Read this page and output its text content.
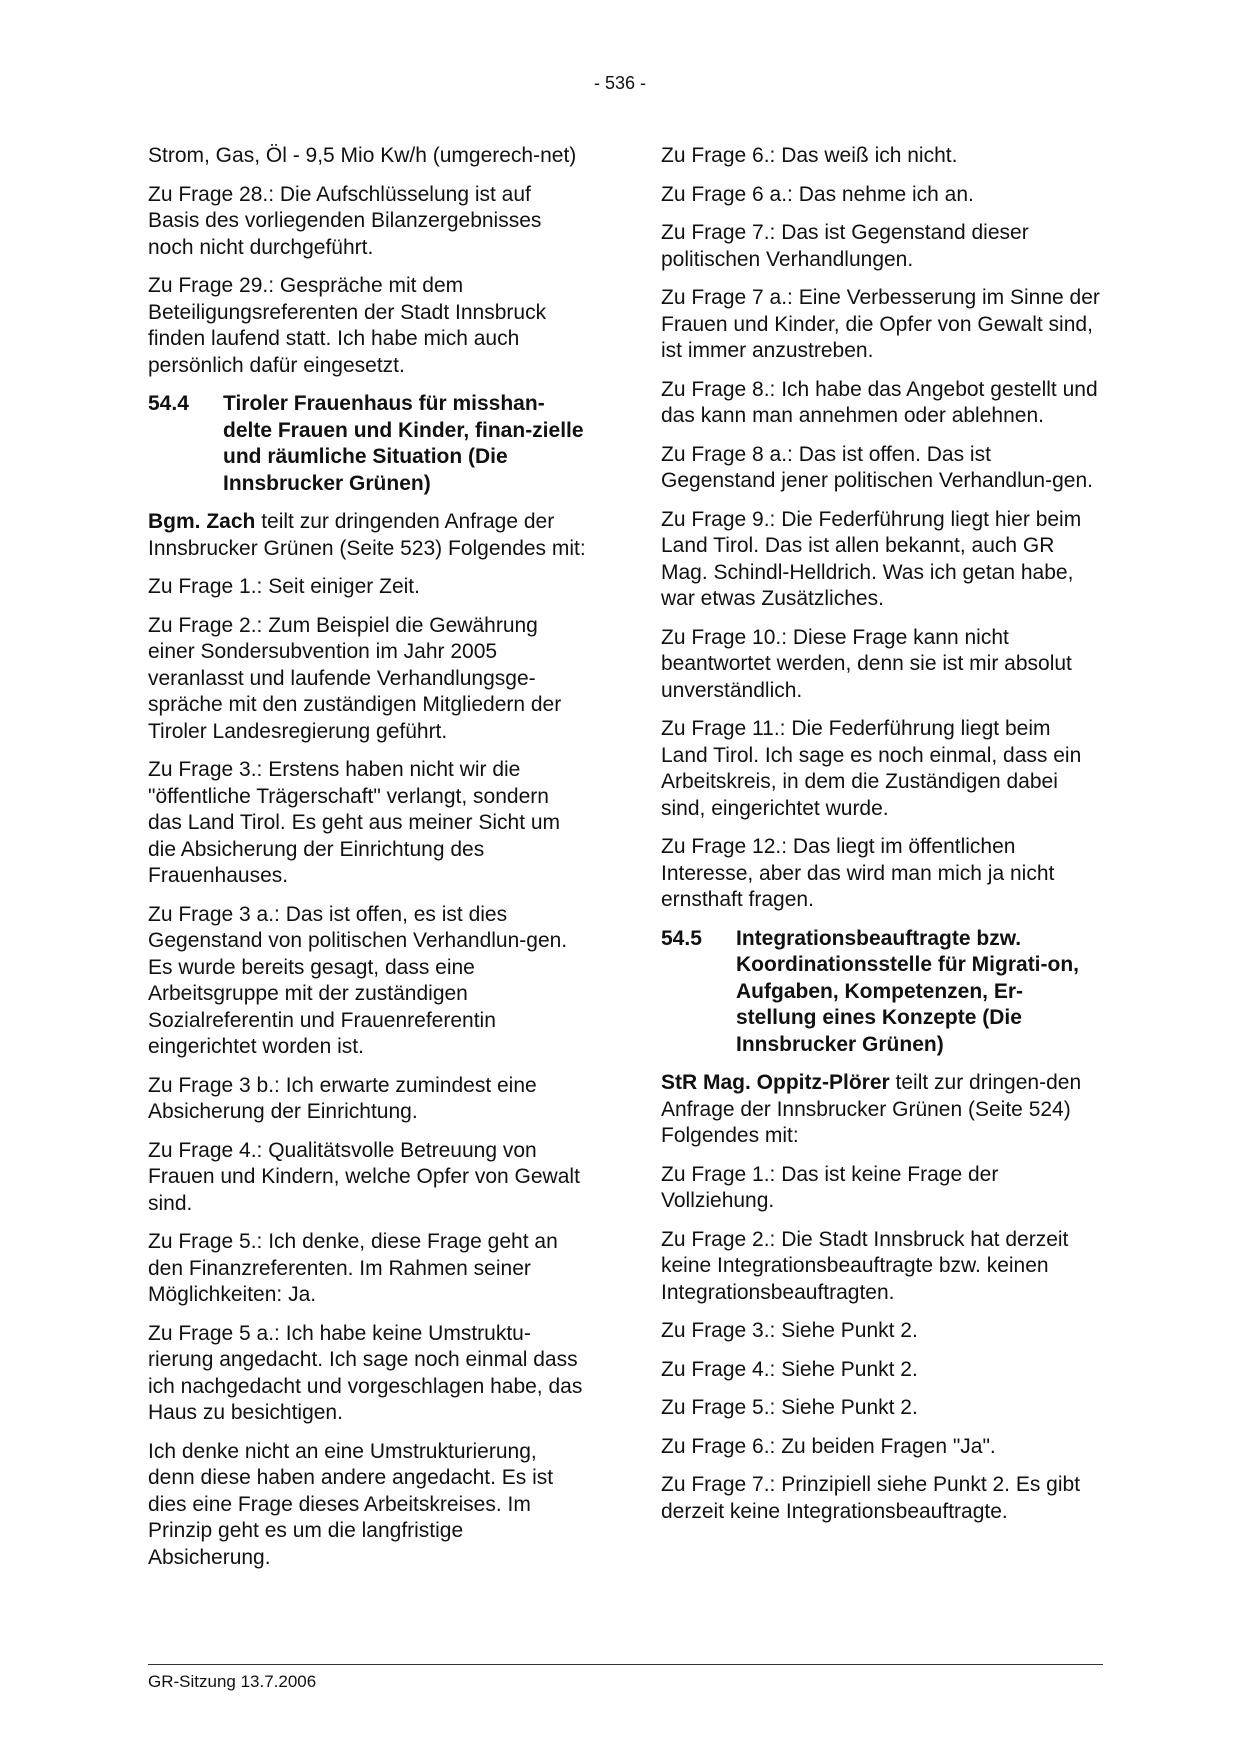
- 536 -

Strom, Gas, Öl - 9,5 Mio Kw/h (umgerech-net)

Zu Frage 28.: Die Aufschlüsselung ist auf Basis des vorliegenden Bilanzergebnisses noch nicht durchgeführt.

Zu Frage 29.: Gespräche mit dem Beteiligungsreferenten der Stadt Innsbruck finden laufend statt. Ich habe mich auch persönlich dafür eingesetzt.

54.4	Tiroler Frauenhaus für misshan-delte Frauen und Kinder, finan-zielle und räumliche Situation (Die Innsbrucker Grünen)

Bgm. Zach teilt zur dringenden Anfrage der Innsbrucker Grünen (Seite 523) Folgendes mit:

Zu Frage 1.: Seit einiger Zeit.

Zu Frage 2.: Zum Beispiel die Gewährung einer Sondersubvention im Jahr 2005 veranlasst und laufende Verhandlungsge-spräche mit den zuständigen Mitgliedern der Tiroler Landesregierung geführt.

Zu Frage 3.: Erstens haben nicht wir die "öffentliche Trägerschaft" verlangt, sondern das Land Tirol. Es geht aus meiner Sicht um die Absicherung der Einrichtung des Frauenhauses.

Zu Frage 3 a.: Das ist offen, es ist dies Gegenstand von politischen Verhandlun-gen. Es wurde bereits gesagt, dass eine Arbeitsgruppe mit der zuständigen Sozialreferentin und Frauenreferentin eingerichtet worden ist.

Zu Frage 3 b.: Ich erwarte zumindest eine Absicherung der Einrichtung.

Zu Frage 4.: Qualitätsvolle Betreuung von Frauen und Kindern, welche Opfer von Gewalt sind.

Zu Frage 5.: Ich denke, diese Frage geht an den Finanzreferenten. Im Rahmen seiner Möglichkeiten: Ja.

Zu Frage 5 a.: Ich habe keine Umstruktu-rierung angedacht. Ich sage noch einmal dass ich nachgedacht und vorgeschlagen habe, das Haus zu besichtigen.

Ich denke nicht an eine Umstrukturierung, denn diese haben andere angedacht. Es ist dies eine Frage dieses Arbeitskreises. Im Prinzip geht es um die langfristige Absicherung.

Zu Frage 6.: Das weiß ich nicht.

Zu Frage 6 a.: Das nehme ich an.

Zu Frage 7.: Das ist Gegenstand dieser politischen Verhandlungen.

Zu Frage 7 a.: Eine Verbesserung im Sinne der Frauen und Kinder, die Opfer von Gewalt sind, ist immer anzustreben.

Zu Frage 8.: Ich habe das Angebot gestellt und das kann man annehmen oder ablehnen.

Zu Frage 8 a.: Das ist offen. Das ist Gegenstand jener politischen Verhandlun-gen.

Zu Frage 9.: Die Federführung liegt hier beim Land Tirol. Das ist allen bekannt, auch GR Mag. Schindl-Helldrich. Was ich getan habe, war etwas Zusätzliches.

Zu Frage 10.: Diese Frage kann nicht beantwortet werden, denn sie ist mir absolut unverständlich.

Zu Frage 11.: Die Federführung liegt beim Land Tirol. Ich sage es noch einmal, dass ein Arbeitskreis, in dem die Zuständigen dabei sind, eingerichtet wurde.

Zu Frage 12.: Das liegt im öffentlichen Interesse, aber das wird man mich ja nicht ernsthaft fragen.

54.5	Integrationsbeauftragte bzw. Koordinationsstelle für Migrati-on, Aufgaben, Kompetenzen, Er-stellung eines Konzepte (Die Innsbrucker Grünen)

StR Mag. Oppitz-Plörer teilt zur dringen-den Anfrage der Innsbrucker Grünen (Seite 524) Folgendes mit:

Zu Frage 1.: Das ist keine Frage der Vollziehung.

Zu Frage 2.: Die Stadt Innsbruck hat derzeit keine Integrationsbeauftragte bzw. keinen Integrationsbeauftragten.

Zu Frage 3.: Siehe Punkt 2.

Zu Frage 4.: Siehe Punkt 2.

Zu Frage 5.: Siehe Punkt 2.

Zu Frage 6.: Zu beiden Fragen "Ja".

Zu Frage 7.: Prinzipiell siehe Punkt 2. Es gibt derzeit keine Integrationsbeauftragte.

GR-Sitzung 13.7.2006
